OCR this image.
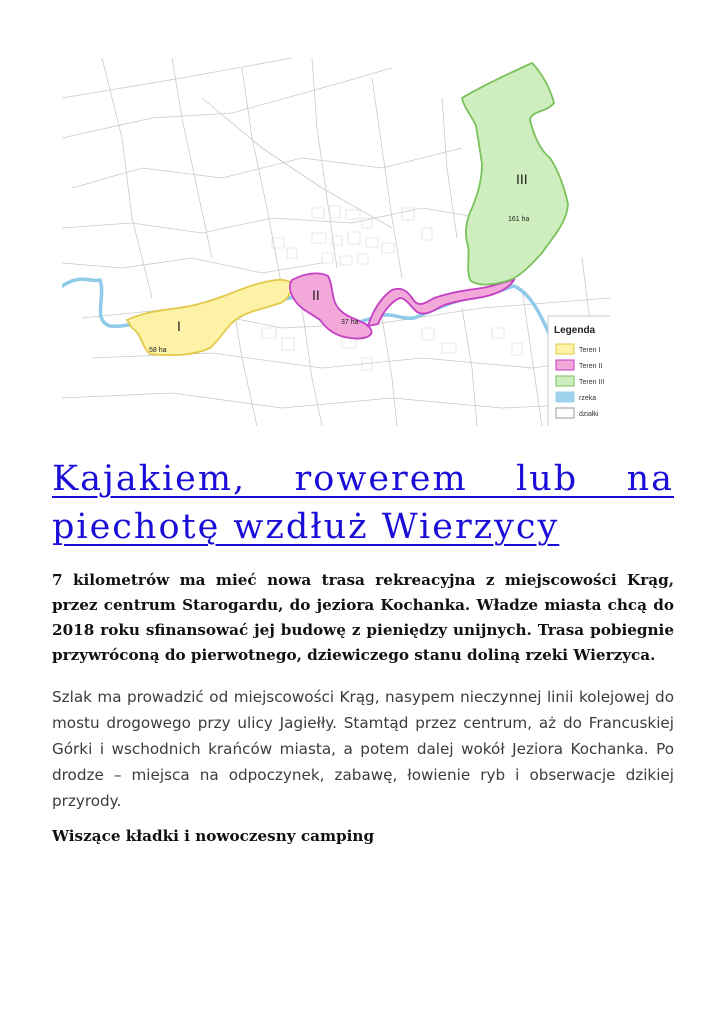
I
58 ha
II
37 ha
III
161 ha
Legenda
Teren I
Teren II
Teren III
rzeka
działki
Kajakiem, rowerem lub na piechotę wzdłuż Wierzycy

7 kilometrów ma mieć nowa trasa rekreacyjna z miejscowości Krąg, przez centrum Starogardu, do jeziora Kochanka. Władze miasta chcą do 2018 roku sfinansować jej budowę z pieniędzy unijnych. Trasa pobiegnie przywróconą do pierwotnego, dziewiczego stanu doliną rzeki Wierzyca.

Szlak ma prowadzić od miejscowości Krąg, nasypem nieczynnej linii kolejowej do mostu drogowego przy ulicy Jagiełły. Stamtąd przez centrum, aż do Francuskiej Górki i wschodnich krańców miasta, a potem dalej wokół Jeziora Kochanka. Po drodze – miejsca na odpoczynek, zabawę, łowienie ryb i obserwacje dzikiej przyrody.

Wiszące kładki i nowoczesny camping
